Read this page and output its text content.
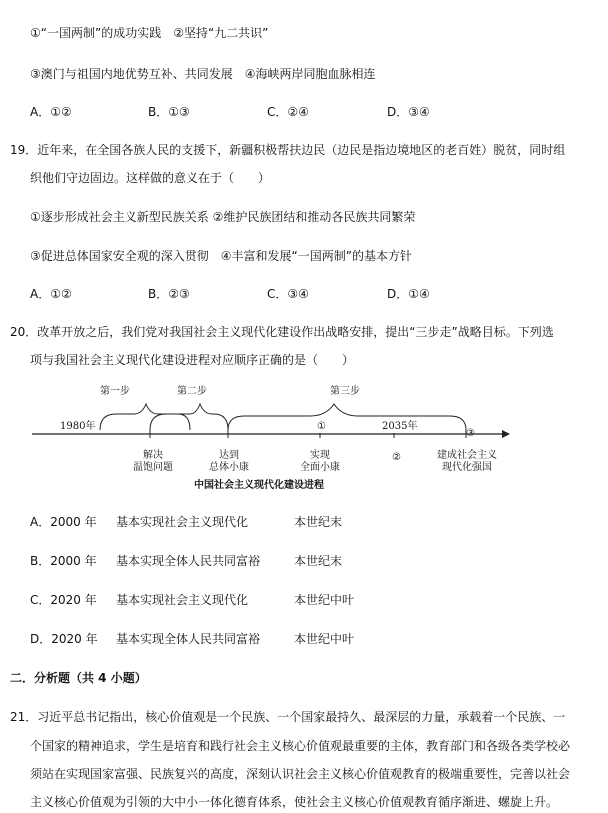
①“一国两制”的成功实践　②坚持“九二共识”
③澳门与祖国内地优势互补、共同发展　④海峡两岸同胞血脉相连
A．①②	B．①③	C．②④	D．③④
19．近年来，在全国各族人民的支援下，新疆积极帮扶边民（边民是指边境地区的老百姓）脱贫，同时组
织他们守边固边。这样做的意义在于（　　）
①逐步形成社会主义新型民族关系 ②维护民族团结和推动各民族共同繁荣
③促进总体国家安全观的深入贯彻　④丰富和发展“一国两制”的基本方针
A．①②	B．②③	C．③④	D．①④
20．改革开放之后，我们党对我国社会主义现代化建设作出战略安排，提出“三步走”战略目标。下列选
项与我国社会主义现代化建设进程对应顺序正确的是（　　）
第一步	第二步	第三步
1980年	①	2035年
③
②
解决
温饱问题
达到
总体小康
实现
全面小康
建成社会主义
现代化强国
中国社会主义现代化建设进程
A．2000 年 基本实现社会主义现代化	本世纪末
B．2000 年 基本实现全体人民共同富裕	本世纪末
C．2020 年 基本实现社会主义现代化	本世纪中叶
D．2020 年 基本实现全体人民共同富裕	本世纪中叶
二．分析题（共 4 小题）
21．习近平总书记指出，核心价值观是一个民族、一个国家最持久、最深层的力量，承载着一个民族、一
个国家的精神追求，学生是培育和践行社会主义核心价值观最重要的主体，教育部门和各级各类学校必
须站在实现国家富强、民族复兴的高度，深刻认识社会主义核心价值观教育的极端重要性，完善以社会
主义核心价值观为引领的大中小一体化德育体系，使社会主义核心价值观教育循序渐进、螺旋上升。
